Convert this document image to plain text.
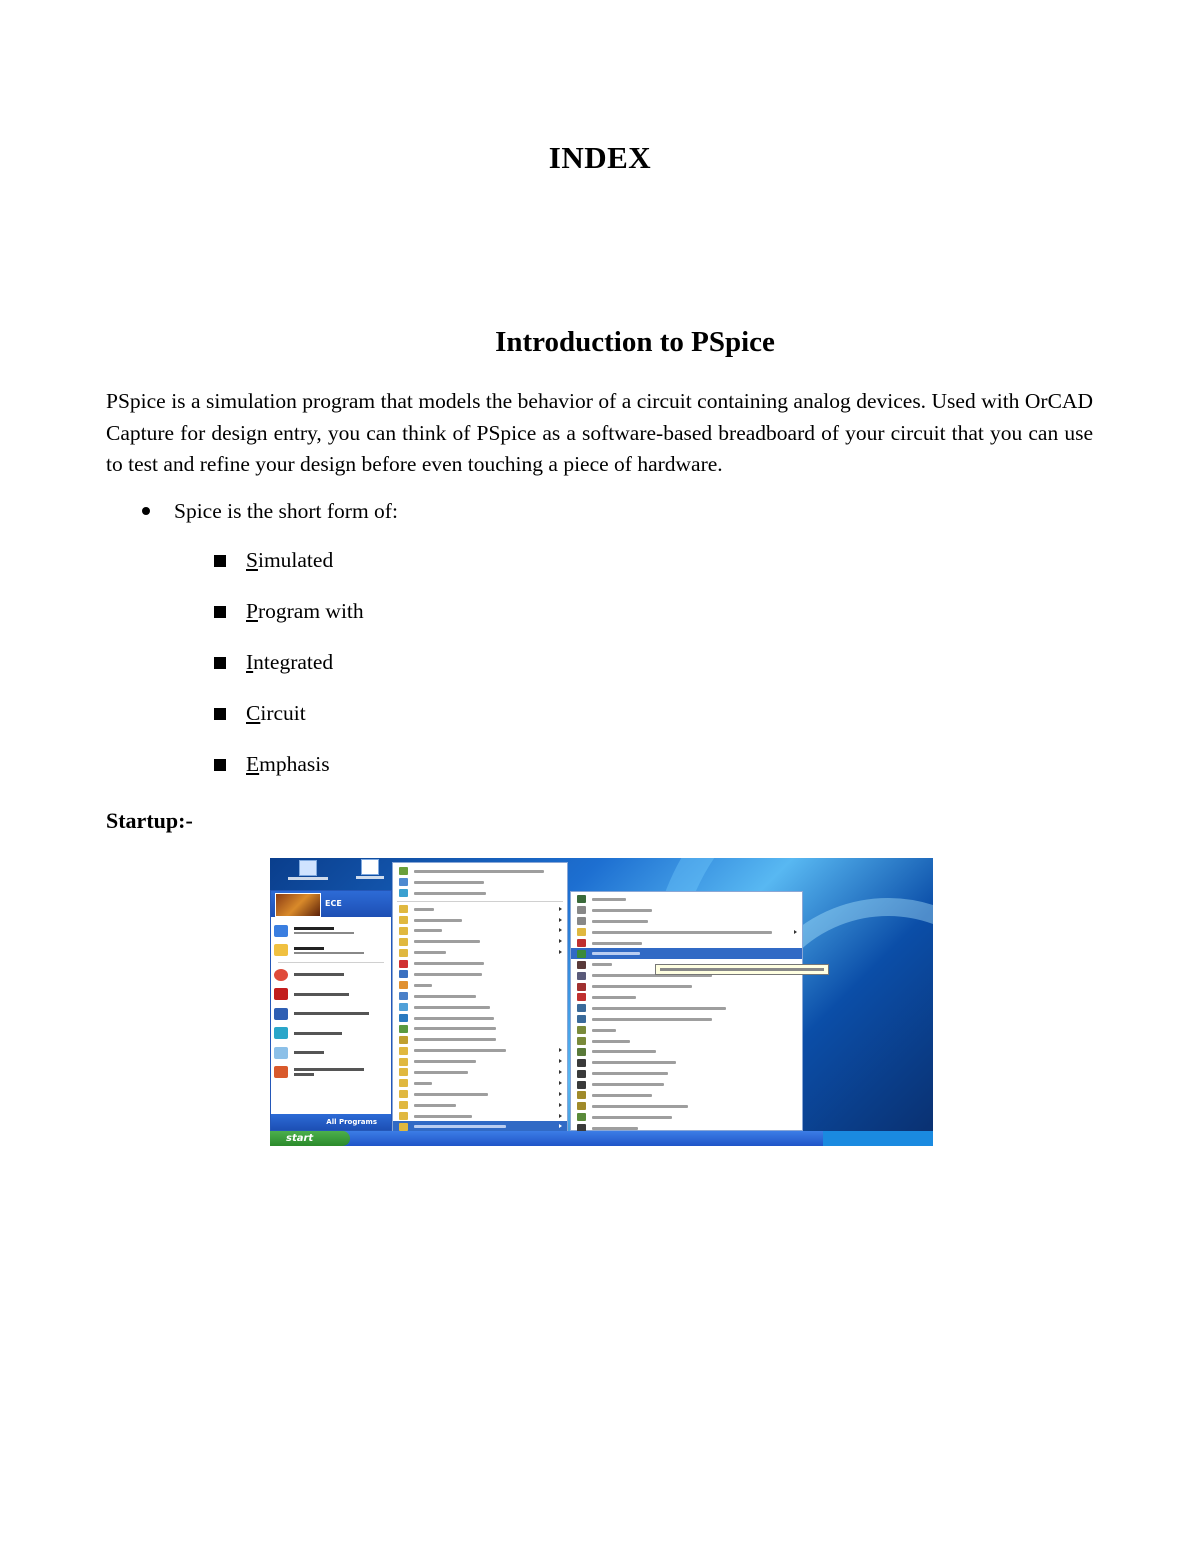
INDEX
Introduction to PSpice
PSpice is a simulation program that models the behavior of a circuit containing analog devices. Used with OrCAD Capture for design entry, you can think of PSpice as a software-based breadboard of your circuit that you can use to test and refine your design before even touching a piece of hardware.
Spice is the short form of:
S imulated
P rogram with
I ntegrated
C ircuit
E mphasis
Startup:-
ECE
All Programs
start
